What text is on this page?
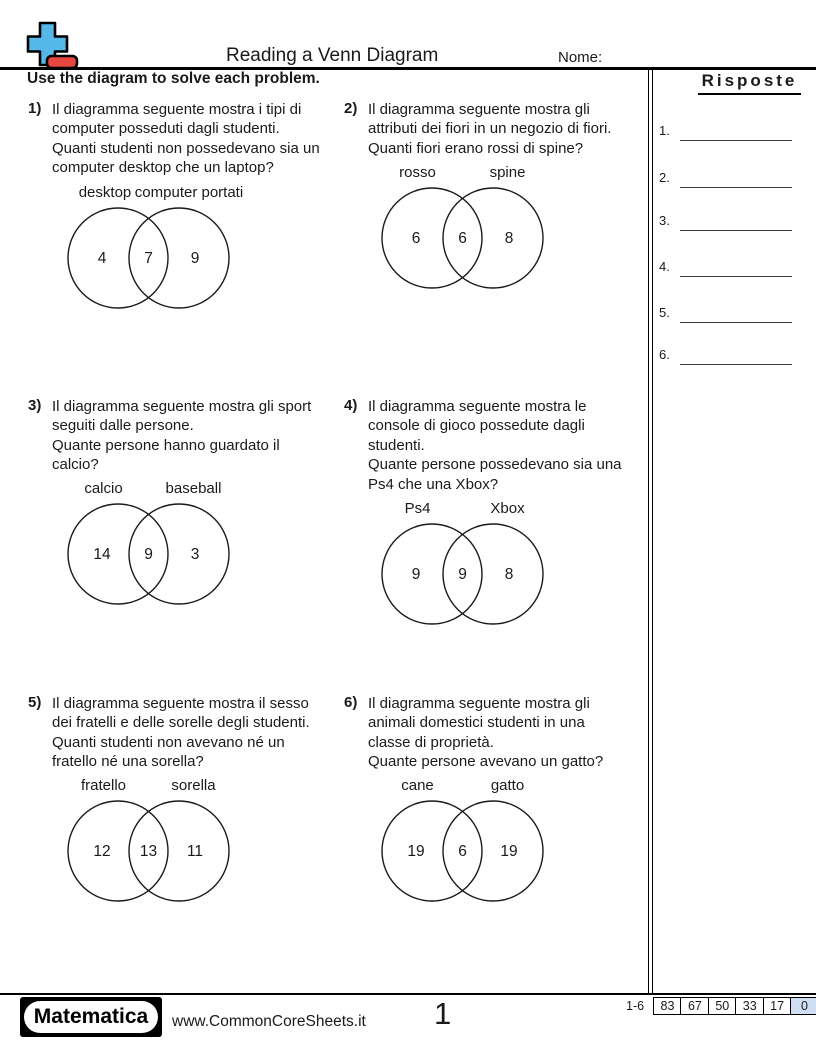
Reading a Venn Diagram	Nome:
Use the diagram to solve each problem.	Risposte
1.
2.
3.
4.
5.
6.
1) Il diagramma seguente mostra i tipi di
computer posseduti dagli studenti.
Quanti studenti non possedevano sia un
computer desktop che un laptop?
desktop computer portati
4 7 9
2) Il diagramma seguente mostra gli
attributi dei fiori in un negozio di fiori.
Quanti fiori erano rossi di spine?
rosso	spine
6 6 8
3) Il diagramma seguente mostra gli sport
seguiti dalle persone.
Quante persone hanno guardato il
calcio?
calcio	baseball
14 9 3
4) Il diagramma seguente mostra le
console di gioco possedute dagli
studenti.
Quante persone possedevano sia una
Ps4 che una Xbox?
Ps4	Xbox
9 9 8
5) Il diagramma seguente mostra il sesso
dei fratelli e delle sorelle degli studenti.
Quanti studenti non avevano né un
fratello né una sorella?
fratello	sorella
12 13 11
6) Il diagramma seguente mostra gli
animali domestici studenti in una
classe di proprietà.
Quante persone avevano un gatto?
cane	gatto
19 6 19
Matematica	www.CommonCoreSheets.it 1	1-6	83	67	50	33	17	0
